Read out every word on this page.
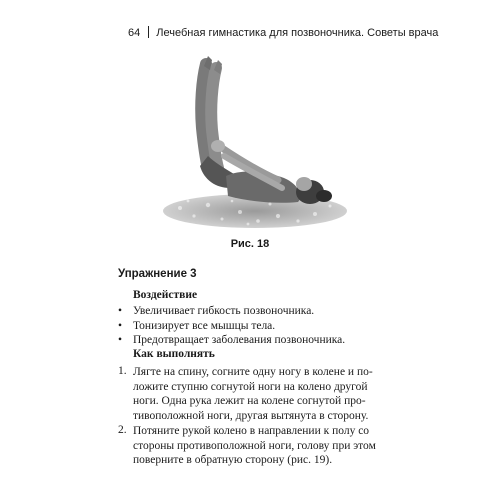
64 Лечебная гимнастика для позвоночника. Советы врача
Рис. 18
Упражнение 3
Воздействие
• Увеличивает гибкость позвоночника.
• Тонизирует все мышцы тела.
• Предотвращает заболевания позвоночника.
Как выполнять
1. Лягте на спину, согните одну ногу в колене и по-
ложите ступню согнутой ноги на колено другой
ноги. Одна рука лежит на колене согнутой про-
тивоположной ноги, другая вытянута в сторону.
2. Потяните рукой колено в направлении к полу со
стороны противоположной ноги, голову при этом
поверните в обратную сторону (рис. 19).
